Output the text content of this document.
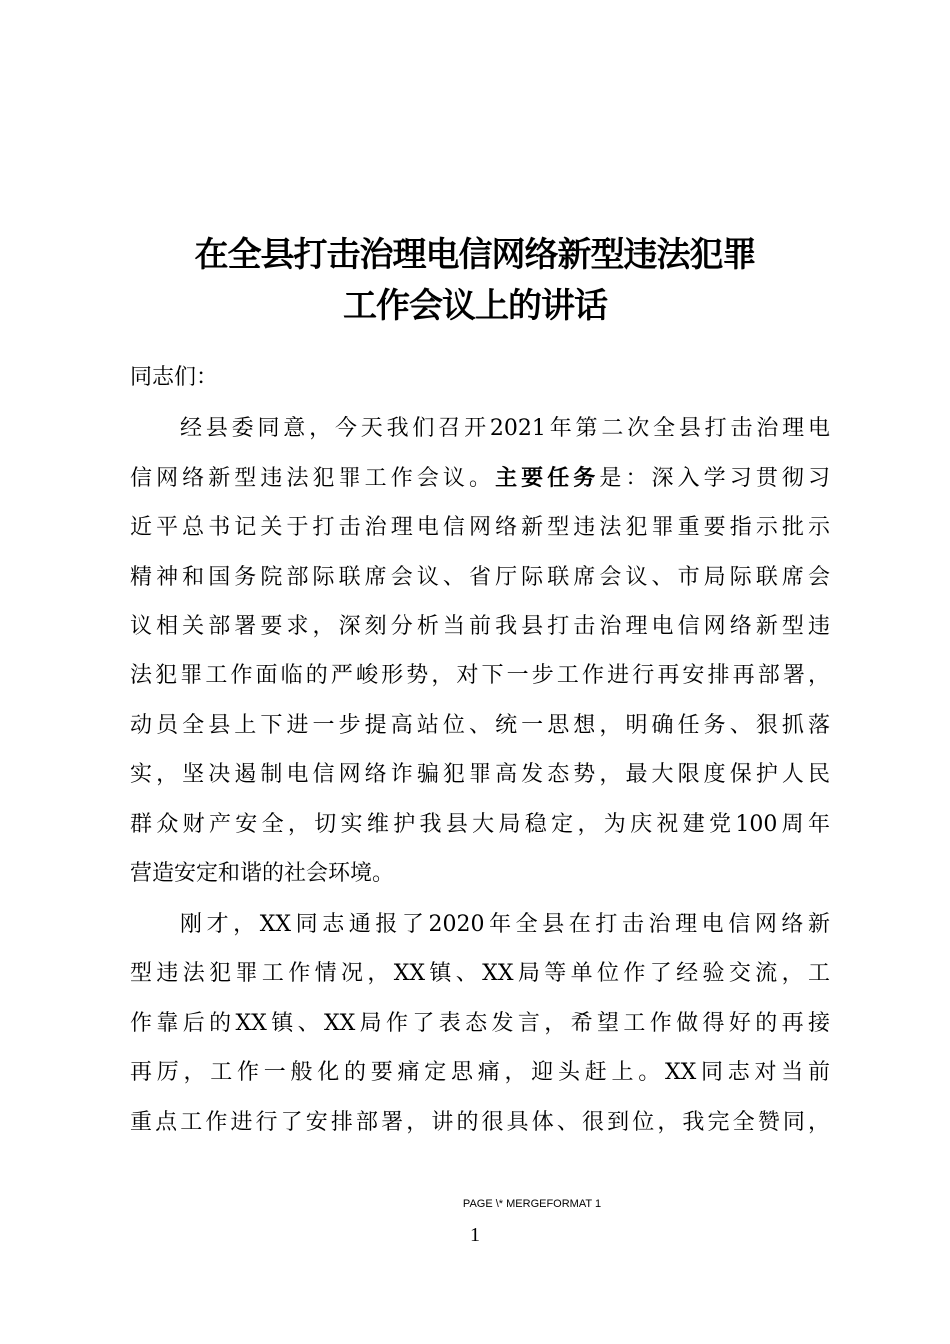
在全县打击治理电信网络新型违法犯罪
工作会议上的讲话
同志们：
经县委同意，今天我们召开2021年第二次全县打击治理电
信网络新型违法犯罪工作会议。主要任务是：深入学习贯彻习
近平总书记关于打击治理电信网络新型违法犯罪重要指示批示
精神和国务院部际联席会议、省厅际联席会议、市局际联席会
议相关部署要求，深刻分析当前我县打击治理电信网络新型违
法犯罪工作面临的严峻形势，对下一步工作进行再安排再部署，
动员全县上下进一步提高站位、统一思想，明确任务、狠抓落
实，坚决遏制电信网络诈骗犯罪高发态势，最大限度保护人民
群众财产安全，切实维护我县大局稳定，为庆祝建党100周年
营造安定和谐的社会环境。
刚才，XX同志通报了2020年全县在打击治理电信网络新
型违法犯罪工作情况，XX镇、XX局等单位作了经验交流，工
作靠后的XX镇、XX局作了表态发言，希望工作做得好的再接
再厉，工作一般化的要痛定思痛，迎头赶上。XX同志对当前
重点工作进行了安排部署，讲的很具体、很到位，我完全赞同，
PAGE \* MERGEFORMAT 1
1
